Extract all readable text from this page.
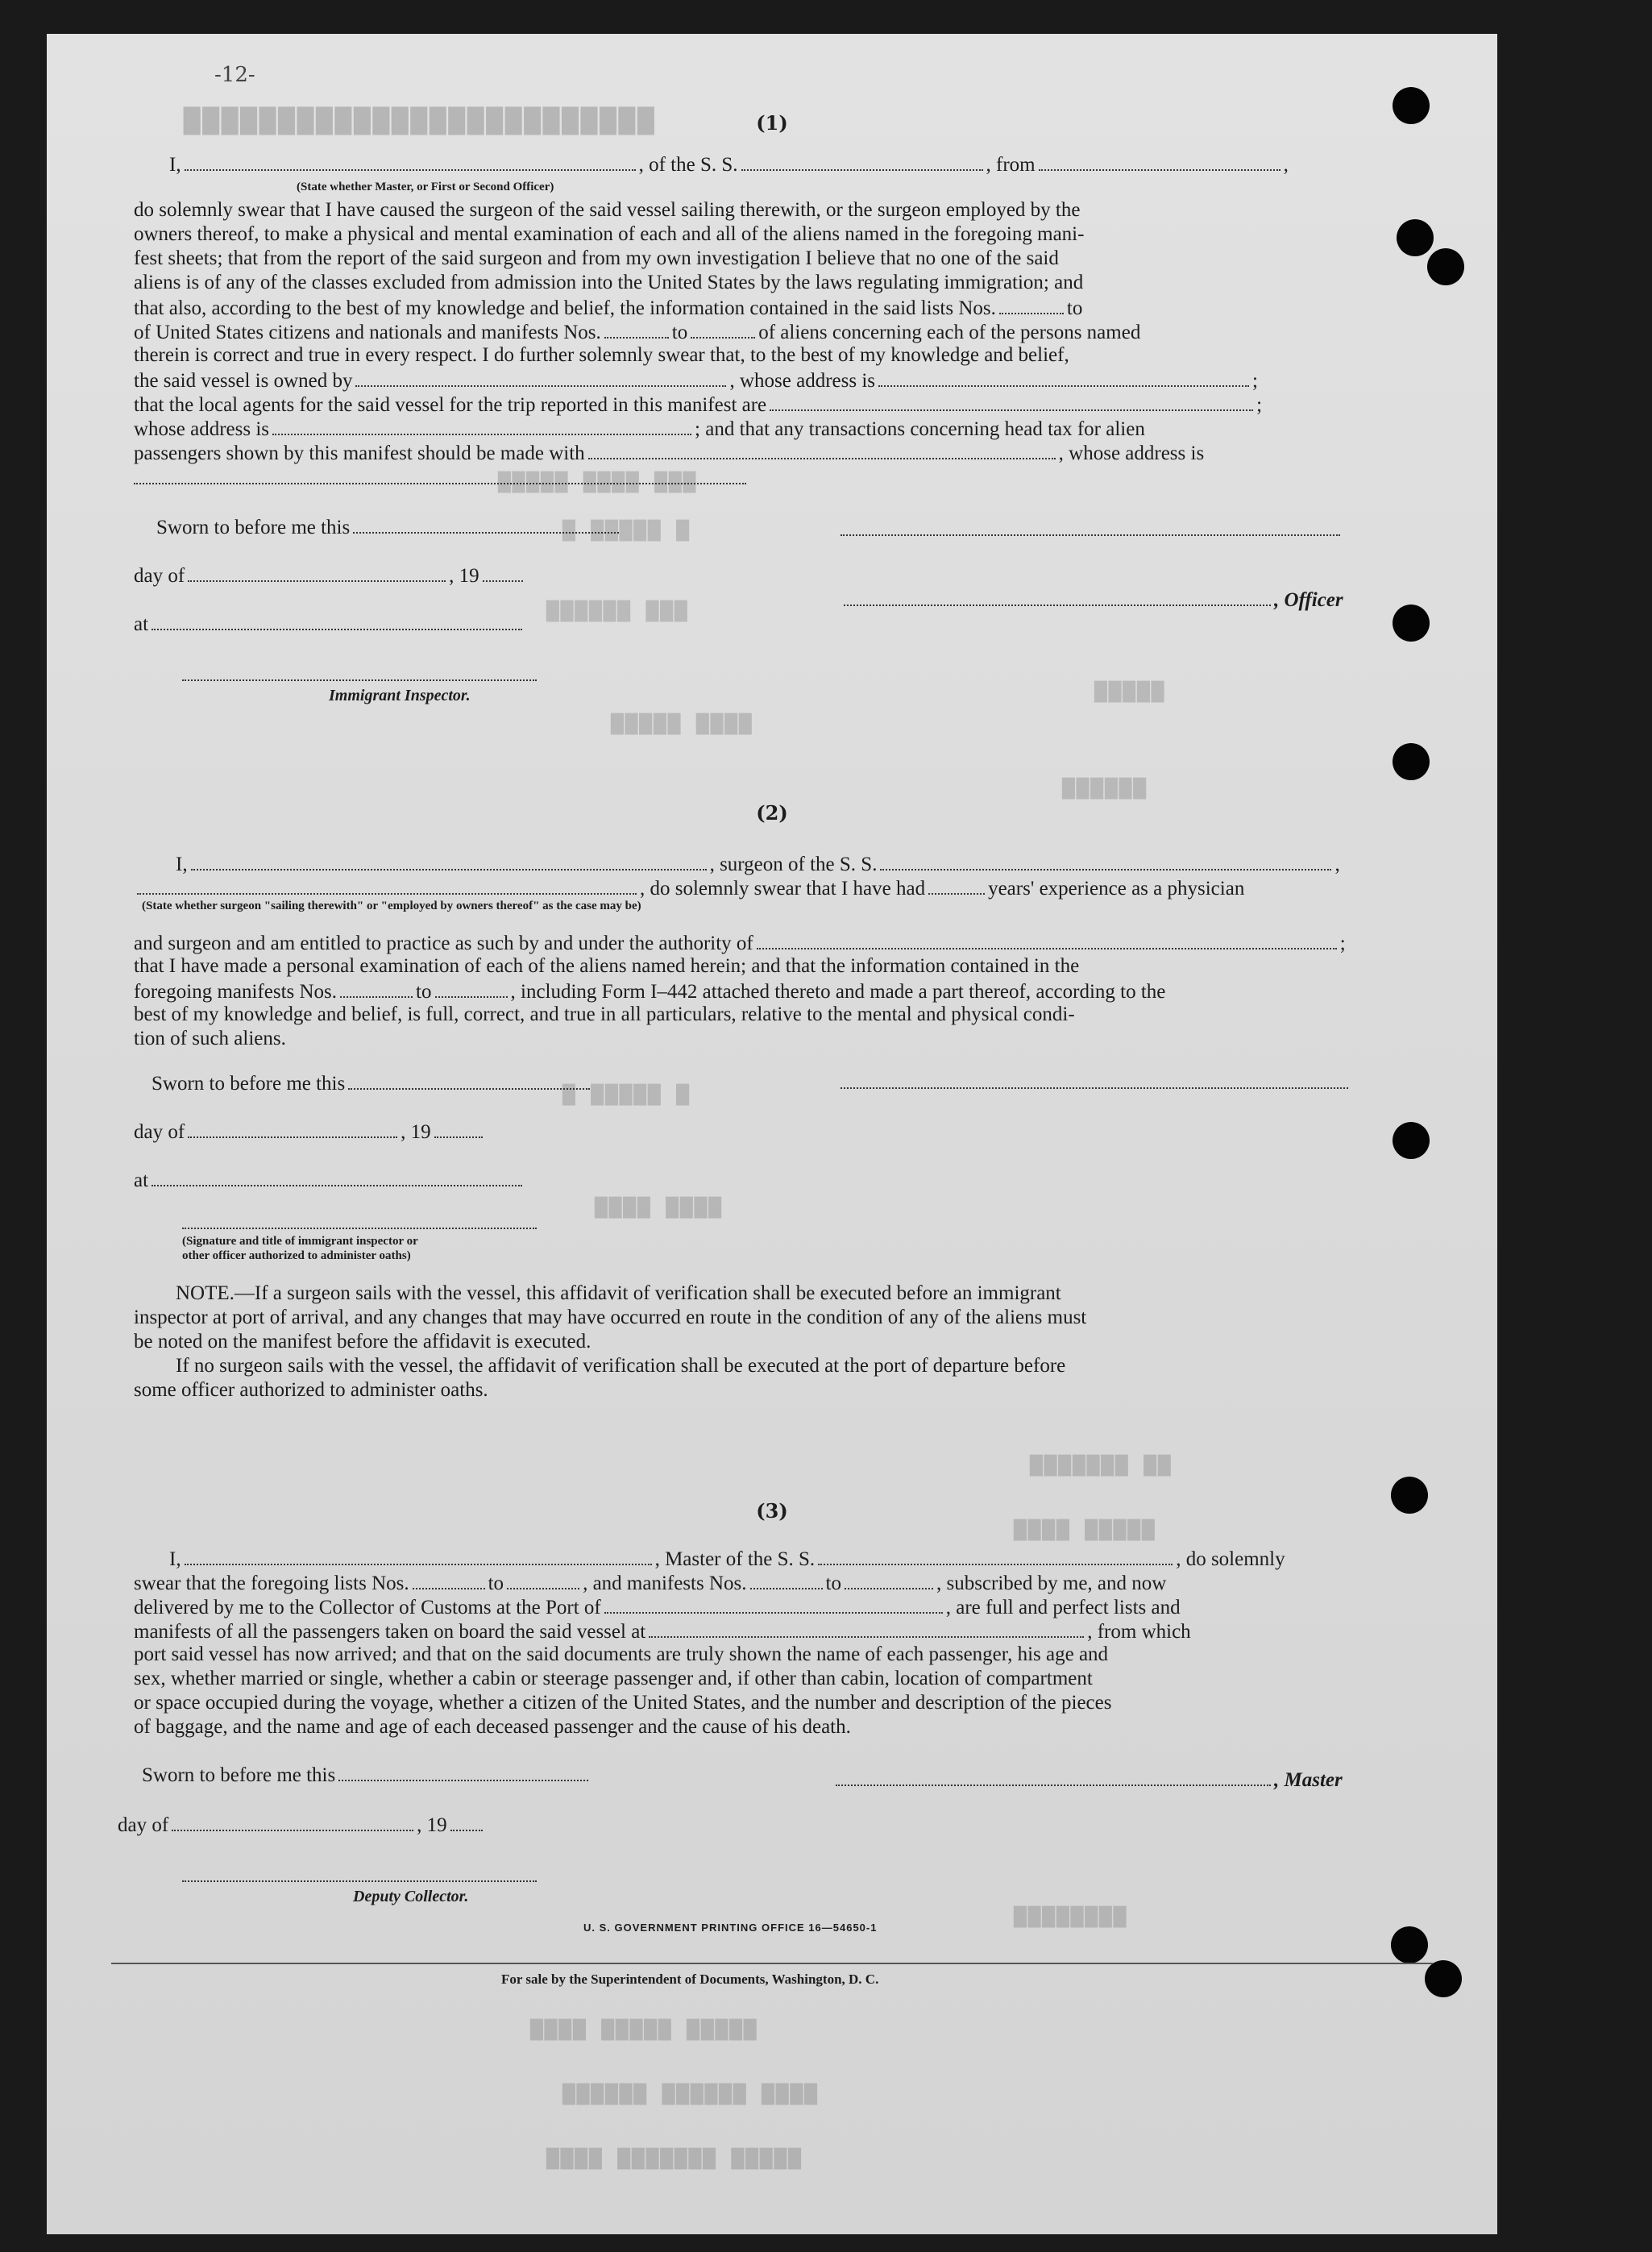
-12-
▇▇▇▇▇▇▇▇▇▇▇▇▇▇▇▇▇▇▇▇▇▇▇▇▇
▇▇▇▇▇ ▇▇▇▇ ▇▇▇
▇ ▇▇▇▇▇ ▇
▇▇▇▇▇▇ ▇▇▇
▇▇▇▇▇
▇▇▇▇▇ ▇▇▇▇
▇▇▇▇▇▇
▇ ▇▇▇▇▇ ▇
▇▇▇▇ ▇▇▇▇
▇▇▇▇▇▇▇ ▇▇
▇▇▇▇ ▇▇▇▇▇
▇▇▇▇▇▇▇▇
▇▇▇▇ ▇▇▇▇▇ ▇▇▇▇▇
▇▇▇▇▇▇ ▇▇▇▇▇▇ ▇▇▇▇
▇▇▇▇ ▇▇▇▇▇▇▇ ▇▇▇▇▇
(1)
I,	, of the S. S.	, from	,
(State whether Master, or First or Second Officer)
do solemnly swear that I have caused the surgeon of the said vessel sailing therewith, or the surgeon employed by the
owners thereof, to make a physical and mental examination of each and all of the aliens named in the foregoing mani-
fest sheets; that from the report of the said surgeon and from my own investigation I believe that no one of the said
aliens is of any of the classes excluded from admission into the United States by the laws regulating immigration; and
that also, according to the best of my knowledge and belief, the information contained in the said lists Nos.	to
of United States citizens and nationals and manifests Nos.	to	of aliens concerning each of the persons named
therein is correct and true in every respect. I do further solemnly swear that, to the best of my knowledge and belief,
the said vessel is owned by	, whose address is	;
that the local agents for the said vessel for the trip reported in this manifest are	;
whose address is	; and that any transactions concerning head tax for alien
passengers shown by this manifest should be made with	, whose address is
Sworn to before me this
day of	, 19
, Officer
at
Immigrant Inspector.
(2)
I,	, surgeon of the S. S.	,
, do solemnly swear that I have had	years' experience as a physician
(State whether surgeon "sailing therewith" or "employed by owners thereof" as the case may be)
and surgeon and am entitled to practice as such by and under the authority of	;
that I have made a personal examination of each of the aliens named herein; and that the information contained in the
foregoing manifests Nos.	to	, including Form I–442 attached thereto and made a part thereof, according to the
best of my knowledge and belief, is full, correct, and true in all particulars, relative to the mental and physical condi-
tion of such aliens.
Sworn to before me this
day of	, 19
at
(Signature and title of immigrant inspector or
other officer authorized to administer oaths)
NOTE.—If a surgeon sails with the vessel, this affidavit of verification shall be executed before an immigrant
inspector at port of arrival, and any changes that may have occurred en route in the condition of any of the aliens must
be noted on the manifest before the affidavit is executed.
If no surgeon sails with the vessel, the affidavit of verification shall be executed at the port of departure before
some officer authorized to administer oaths.
(3)
I,	, Master of the S. S.	, do solemnly
swear that the foregoing lists Nos.	to	, and manifests Nos.	to	, subscribed by me, and now
delivered by me to the Collector of Customs at the Port of	, are full and perfect lists and
manifests of all the passengers taken on board the said vessel at	, from which
port said vessel has now arrived; and that on the said documents are truly shown the name of each passenger, his age and
sex, whether married or single, whether a cabin or steerage passenger and, if other than cabin, location of compartment
or space occupied during the voyage, whether a citizen of the United States, and the number and description of the pieces
of baggage, and the name and age of each deceased passenger and the cause of his death.
Sworn to before me this	, Master
day of	, 19
Deputy Collector.
U. S. GOVERNMENT PRINTING OFFICE 16—54650-1
For sale by the Superintendent of Documents, Washington, D. C.
